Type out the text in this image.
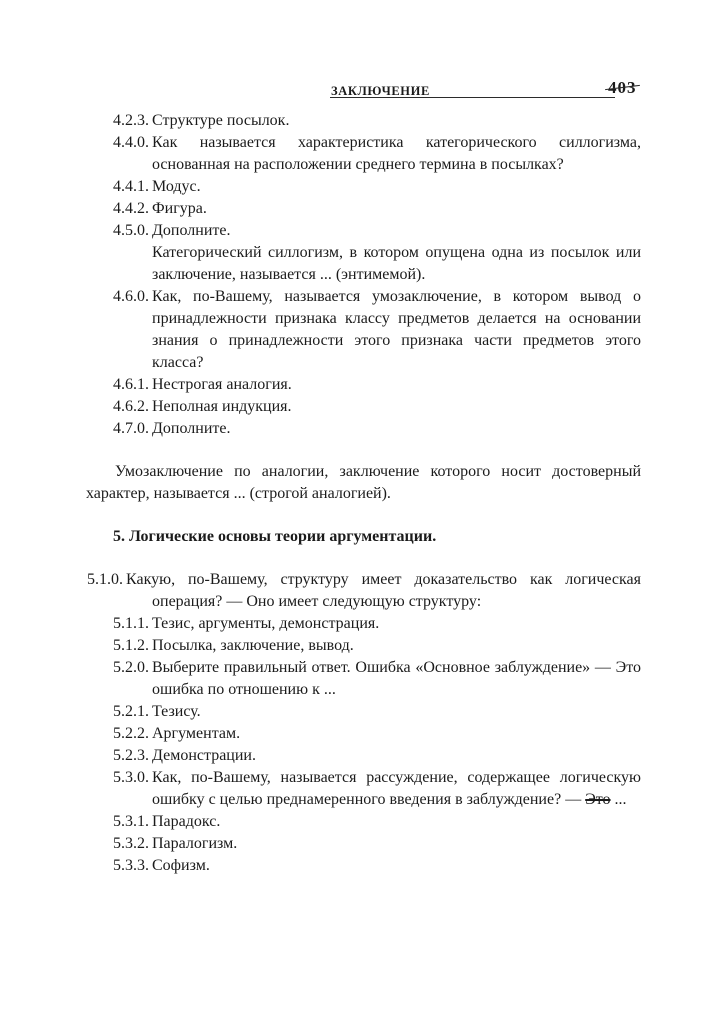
ЗАКЛЮЧЕНИЕ	403
4.2.3. Структуре посылок.
4.4.0. Как называется характеристика категорического силлогизма, основанная на расположении среднего термина в посылках?
4.4.1. Модус.
4.4.2. Фигура.
4.5.0. Дополните.
Категорический силлогизм, в котором опущена одна из посылок или заключение, называется ... (энтимемой).
4.6.0. Как, по-Вашему, называется умозаключение, в котором вывод о принадлежности признака классу предметов делается на основании знания о принадлежности этого признака части предметов этого класса?
4.6.1. Нестрогая аналогия.
4.6.2. Неполная индукция.
4.7.0. Дополните.
Умозаключение по аналогии, заключение которого носит достоверный характер, называется ... (строгой аналогией).
5. Логические основы теории аргументации.
5.1.0. Какую, по-Вашему, структуру имеет доказательство как логическая операция? — Оно имеет следующую структуру:
5.1.1. Тезис, аргументы, демонстрация.
5.1.2. Посылка, заключение, вывод.
5.2.0. Выберите правильный ответ. Ошибка «Основное заблуждение» — Это ошибка по отношению к ...
5.2.1. Тезису.
5.2.2. Аргументам.
5.2.3. Демонстрации.
5.3.0. Как, по-Вашему, называется рассуждение, содержащее логическую ошибку с целью преднамеренного введения в заблуждение? — Это ...
5.3.1. Парадокс.
5.3.2. Паралогизм.
5.3.3. Софизм.
